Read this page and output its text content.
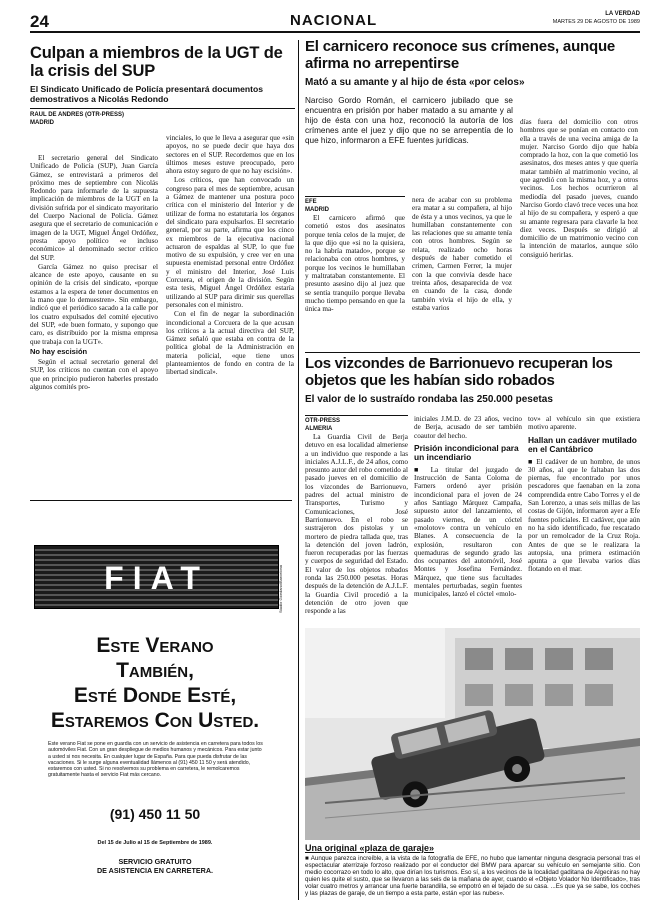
24	NACIONAL	LA VERDAD
MARTES 29 DE AGOSTO DE 1989
Culpan a miembros de la UGT de la crisis del SUP
El Sindicato Unificado de Policía presentará documentos demostrativos a Nicolás Redondo
RAUL DE ANDRES (OTR-PRESS)
MADRID

El secretario general del Sindicato Unificado de Policía (SUP), Juan García Gámez, se entrevistará a primeros del próximo mes de septiembre con Nicolás Redondo para informarle de la supuesta implicación de miembros de la UGT en la división sufrida por el sindicato mayoritario del Cuerpo Nacional de Policía. Gámez asegura que el secretario de comunicación e imagen de la UGT, Miguel Ángel Ordóñez, presta apoyo político «e incluso económico» al denominado sector crítico del SUP.

García Gámez no quiso precisar el alcance de este apoyo, causante en su opinión de la crisis del sindicato, «porque estamos a la espera de tener documentos en la mano que lo demuestren». Sin embargo, indicó que el periódico sacado a la calle por los cuatro expulsados del comité ejecutivo del SUP, «de buen formato, y supongo que caro, es distribuido por la misma empresa que trabaja con la UGT».

No hay escisión

Según el actual secretario general del SUP, los críticos no cuentan con el apoyo que en principio pudieron haberles prestado algunos comités pro-

vinciales, lo que le lleva a asegurar que «sin apoyos, no se puede decir que haya dos sectores en el SUP. Recordemos que en los últimos meses estuve preocupado, pero ahora estoy seguro de que no hay escisión».

Los críticos, que han convocado un congreso para el mes de septiembre, acusan a Gámez de mantener una postura poco crítica con el ministerio del Interior y de utilizar de forma no estatutaria los órganos del sindicato para expulsarlos. El secretario general, por su parte, afirma que los cinco ex miembros de la ejecutiva nacional actuaron de espaldas al SUP, lo que fue motivo de su expulsión, y cree ver en una supuesta enemistad personal entre Ordóñez y el ministro del Interior, José Luis Corcuera, el origen de la división. Según esta tesis, Miguel Ángel Ordóñez estaría utilizando al SUP para dirimir sus querellas personales con el ministro.

Con el fin de negar la subordinación incondicional a Corcuera de la que acusan los críticos a la actual directiva del SUP, Gámez señaló que estaba en contra de la política global de la Administración en materia policial, «que tiene unos planteamientos de fondo en contra de la libertad sindical».

FIAT	Studio Giordano/Barcelona
Este Verano
También,
Esté Donde Esté,
Estaremos Con Usted.
Este verano Fiat se pone en guardia con un servicio de asistencia en carretera para todos los automóviles Fiat. Con un gran despliegue de medios humanos y mecánicos. Para estar junto a usted si nos necesita. En cualquier lugar de España. Para que pueda disfrutar de las vacaciones. Si le surge alguna eventualidad llámenos al (91) 450 11 50 y será atendido, estaremos con usted. Si no resolvemos su problema en carretera, le remolcaremos gratuitamente hasta el servicio Fiat más cercano.
(91) 450 11 50
Del 15 de Julio al 15 de Septiembre de 1989.
SERVICIO GRATUITO
DE ASISTENCIA EN CARRETERA.
El carnicero reconoce sus crímenes, aunque afirma no arrepentirse
Mató a su amante y al hijo de ésta «por celos»
Narciso Gordo Román, el carnicero jubilado que se encuentra en prisión por haber matado a su amante y al hijo de ésta con una hoz, reconoció la autoría de los crímenes ante el juez y dijo que no se arrepentía de lo que hizo, informaron a EFE fuentes jurídicas.
EFE
MADRID

El carnicero afirmó que cometió estos dos asesinatos porque tenía celos de la mujer, de la que dijo que «si no la quisiera, no la habría matado», porque se relacionaba con otros hombres, y porque los vecinos le humillaban y maltrataban constantemente. El presunto asesino dijo al juez que se sentía tranquilo porque llevaba mucho tiempo pensando en que la única ma-

nera de acabar con su problema era matar a su compañera, al hijo de ésta y a unos vecinos, ya que le humillaban constantemente con las relaciones que su amante tenía con otros hombres. Según se relata, realizado ocho horas después de haber cometido el crimen, Carmen Ferrer, la mujer con la que convivía desde hace treinta años, desaparecida de voz en cuando de la casa, donde también vivía el hijo de ella, y estaba varios

días fuera del domicilio con otros hombres que se ponían en contacto con ella a través de una vecina amiga de la mujer. Narciso Gordo dijo que había comprado la hoz, con la que cometió los asesinatos, dos meses antes y que quería matar también al matrimonio vecino, al que agredió con la misma hoz, y a otros vecinos. Los hechos ocurrieron al mediodía del pasado jueves, cuando Narciso Gordo clavó trece veces una hoz al hijo de su compañera, y esperó a que su amante regresara para clavarle la hoz diez veces. Después se dirigió al domicilio de un matrimonio vecino con la intención de matarlos, aunque sólo consiguió herirlas.

Los vizcondes de Barrionuevo recuperan los objetos que les habían sido robados
El valor de lo sustraído rondaba las 250.000 pesetas
OTR-PRESS
ALMERIA

La Guardia Civil de Berja detuvo en esa localidad almeriense a un individuo que responde a las iniciales A.J.L.F., de 24 años, como presunto autor del robo cometido al pasado jueves en el domicilio de los vizcondes de Barrionuevo, padres del actual ministro de Transportes, Turismo y Comunicaciones, José Barrionuevo. En el robo se sustrajeron dos pistolas y un mortero de piedra tallada que, tras la detención del joven ladrón, fueron recuperadas por las fuerzas y cuerpos de seguridad del Estado. El valor de los objetos robados ronda las 250.000 pesetas. Horas después de la detención de A.J.L.F. la Guardia Civil procedió a la detención de otro joven que responde a las

iniciales J.M.D. de 23 años, vecino de Berja, acusado de ser también coautor del hecho.

Prisión incondicional para un incendiario

■ La titular del juzgado de Instrucción de Santa Coloma de Farners ordenó ayer prisión incondicional para el joven de 24 años Santiago Márquez Campaña, supuesto autor del lanzamiento, el pasado viernes, de un cóctel «molotov» contra un vehículo en Blanes. A consecuencia de la explosión, resultaron con quemaduras de segundo grado las dos ocupantes del automóvil, José Montes y Josefina Fernández. Márquez, que tiene sus facultades mentales perturbadas, según fuentes municipales, lanzó el cóctel «molo-

tov» al vehículo sin que existiera motivo aparente.

Hallan un cadáver mutilado en el Cantábrico

■ El cadáver de un hombre, de unos 30 años, al que le faltaban las dos piernas, fue encontrado por unos pescadores que faenaban en la zona comprendida entre Cabo Torres y el de San Lorenzo, a unas seis millas de las costas de Gijón, informaron ayer a Efe fuentes policiales. El cadáver, que aún no ha sido identificado, fue rescatado por un remolcador de la Cruz Roja. Antes de que se le realizara la autopsia, una primera estimación apunta a que llevaba varios días flotando en el mar.

Una original «plaza de garaje»

■ Aunque parezca increíble, a la vista de la fotografía de EFE, no hubo que lamentar ninguna desgracia personal tras el espectacular aterrizaje forzoso realizado por el conductor del BMW para aparcar su vehículo en semejante sitio. Con medio cocorrazo en todo lo alto, que dirían los turismos. Eso sí, a los vecinos de la localidad gaditana de Algeciras no hay quien les quite el susto, que se llevaron a las seis de la mañana de ayer, cuando el «Objeto Volador No Identificado», tras volar cuatro metros y arrancar una fuerte barandilla, se empotró en el tejado de su casa. ...Es que ya se sabe, los coches y las plazas de garaje, de un tiempo a esta parte, están «por las nubes».
